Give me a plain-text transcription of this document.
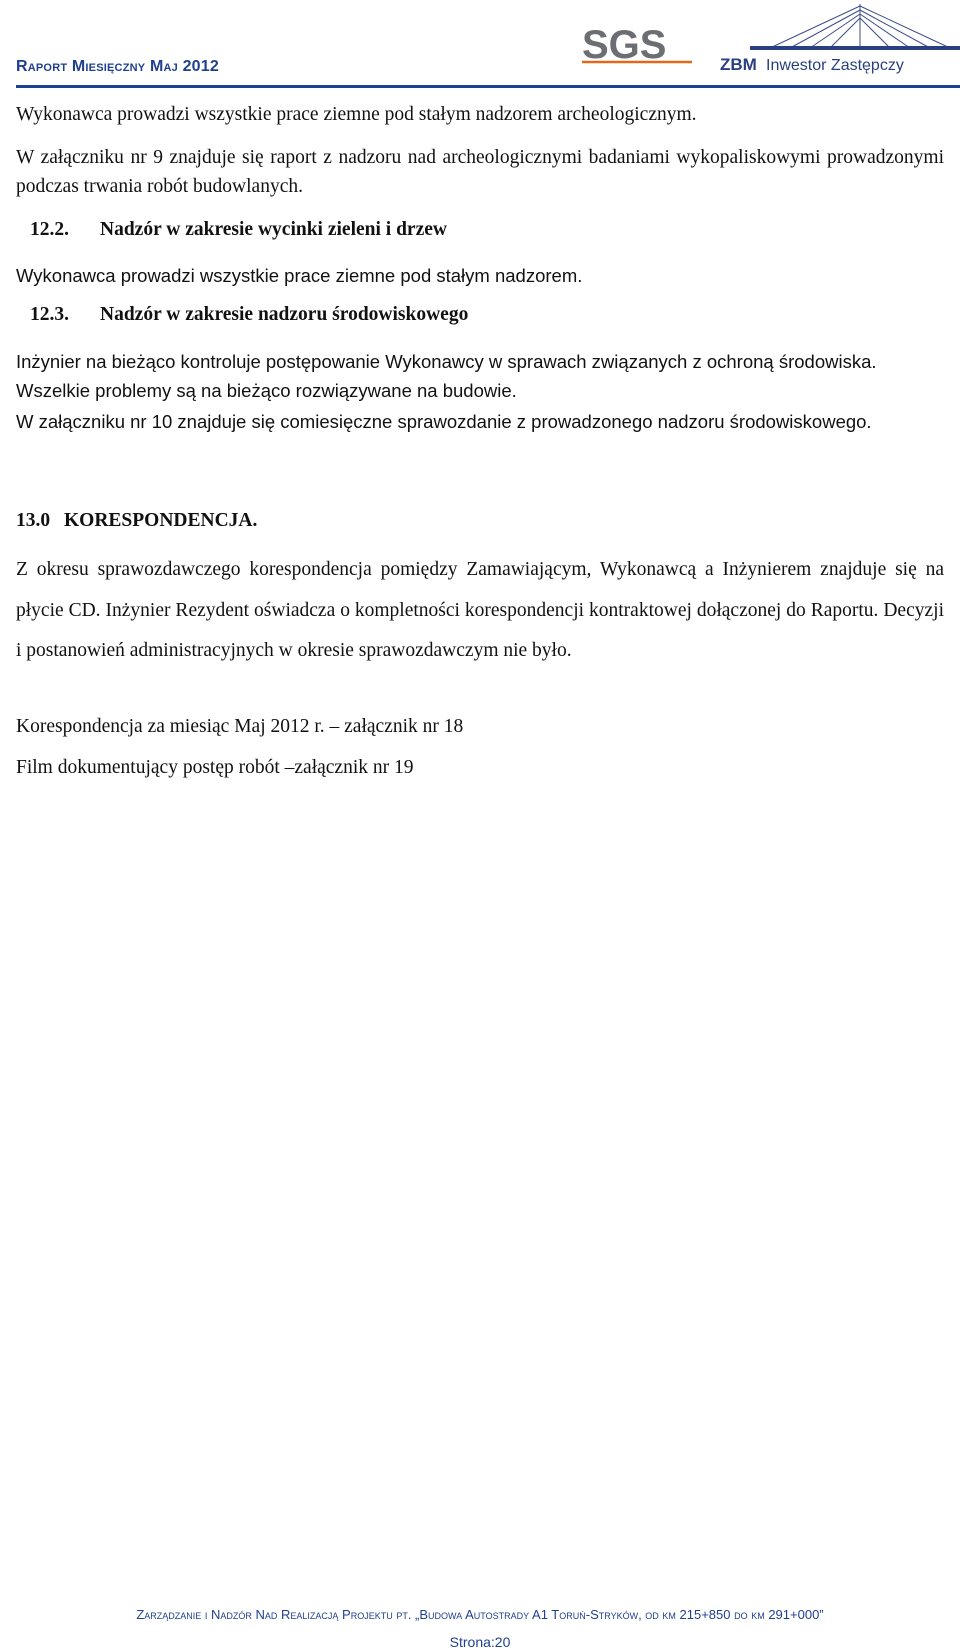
Raport Miesięczny Maj 2012	SGS	ZBM Inwestor Zastępczy
Wykonawca prowadzi wszystkie prace ziemne pod stałym nadzorem archeologicznym.
W załączniku nr 9 znajduje się raport z nadzoru nad archeologicznymi badaniami wykopaliskowymi prowadzonymi podczas trwania robót budowlanych.
12.2. Nadzór w zakresie wycinki zieleni i drzew
Wykonawca prowadzi wszystkie prace ziemne pod stałym nadzorem.
12.3. Nadzór w zakresie nadzoru środowiskowego
Inżynier na bieżąco kontroluje postępowanie Wykonawcy w sprawach związanych z ochroną środowiska. Wszelkie problemy są na bieżąco rozwiązywane na budowie.
W załączniku nr 10 znajduje się comiesięczne sprawozdanie z prowadzonego nadzoru środowiskowego.
13.0 KORESPONDENCJA.
Z okresu sprawozdawczego korespondencja pomiędzy Zamawiającym, Wykonawcą a Inżynierem znajduje się na płycie CD. Inżynier Rezydent oświadcza o kompletności korespondencji kontraktowej dołączonej do Raportu. Decyzji i postanowień administracyjnych w okresie sprawozdawczym nie było.
Korespondencja za miesiąc Maj 2012 r. – załącznik nr 18
Film dokumentujący postęp robót –załącznik nr 19
Zarządzanie i Nadzór Nad Realizacją Projektu pt. „Budowa Autostrady A1 Toruń-Stryków, od km 215+850 do km 291+000”
Strona:20
